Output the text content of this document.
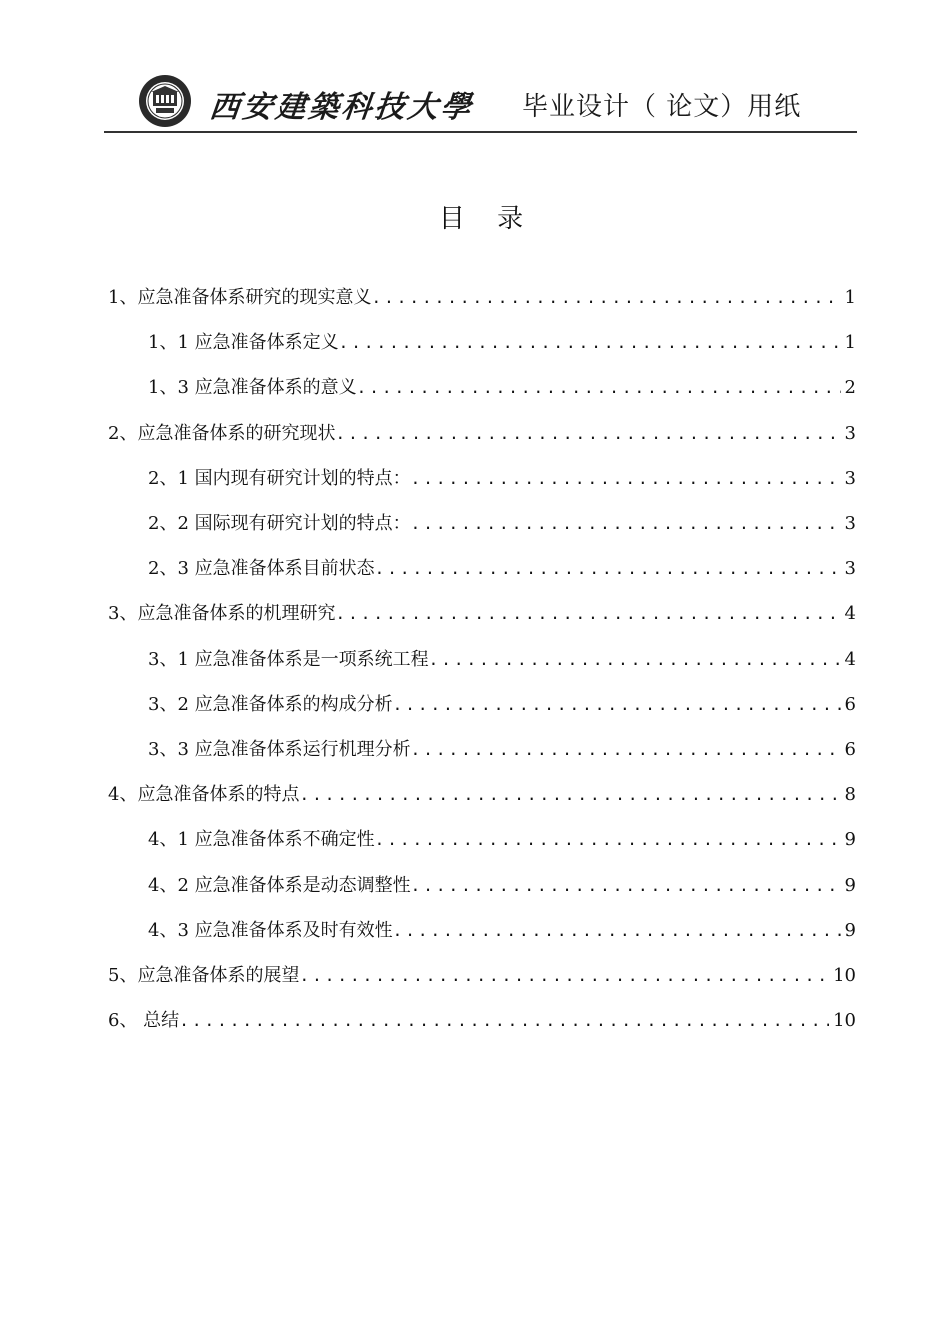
西安建築科技大學 毕业设计（ 论文）用纸
目 录
1、应急准备体系研究的现实意义 .....	1
1、1 应急准备体系定义 .....	1
1、3 应急准备体系的意义 .....	2
2、应急准备体系的研究现状 .....	3
2、1 国内现有研究计划的特点： .....	3
2、2 国际现有研究计划的特点： .....	3
2、3 应急准备体系目前状态 .....	3
3、应急准备体系的机理研究 .....	4
3、1 应急准备体系是一项系统工程 .....	4
3、2 应急准备体系的构成分析 .....	6
3、3 应急准备体系运行机理分析 .....	6
4、应急准备体系的特点 .....	8
4、1 应急准备体系不确定性 .....	9
4、2 应急准备体系是动态调整性 .....	9
4、3 应急准备体系及时有效性 .....	9
5、应急准备体系的展望 .....	10
6、 总结 .....	10
